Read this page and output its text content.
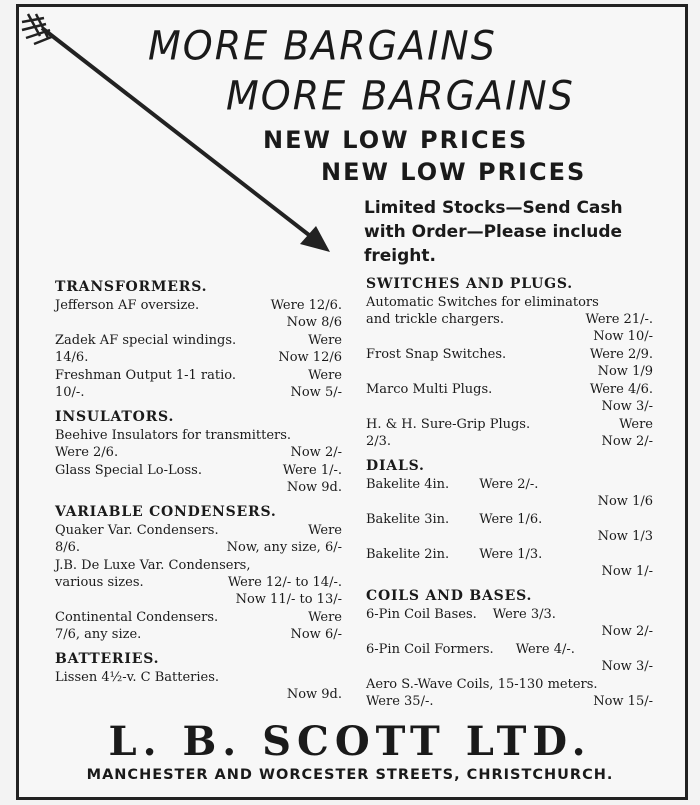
MORE BARGAINS
MORE BARGAINS
NEW LOW PRICES
NEW LOW PRICES
Limited Stocks—Send Cash
with Order—Please include
freight.
TRANSFORMERS.
Jefferson AF oversize.	Were 12/6.
Now 8/6
Zadek AF special windings.	Were
14/6.	Now 12/6
Freshman Output 1-1 ratio.	Were
10/-.	Now 5/-
INSULATORS.
Beehive Insulators for transmitters.
Were 2/6.	Now 2/-
Glass Special Lo-Loss.	Were 1/-.
Now 9d.
VARIABLE CONDENSERS.
Quaker Var. Condensers.	Were
8/6.	Now, any size, 6/-
J.B. De Luxe Var. Condensers,
various sizes.	Were 12/- to 14/-.
Now 11/- to 13/-
Continental Condensers.	Were
7/6, any size.	Now 6/-
BATTERIES.
Lissen 4½-v. C Batteries.
Now 9d.
SWITCHES AND PLUGS.
Automatic Switches for eliminators
and trickle chargers.	Were 21/-.
Now 10/-
Frost Snap Switches.	Were 2/9.
Now 1/9
Marco Multi Plugs.	Were 4/6.
Now 3/-
H. & H. Sure-Grip Plugs.	Were
2/3.	Now 2/-
DIALS.
Bakelite 4in. Were 2/-.
Now 1/6
Bakelite 3in. Were 1/6.
Now 1/3
Bakelite 2in. Were 1/3.
Now 1/-
COILS AND BASES.
6-Pin Coil Bases. Were 3/3.
Now 2/-
6-Pin Coil Formers. Were 4/-.
Now 3/-
Aero S.-Wave Coils, 15-130 meters.
Were 35/-.	Now 15/-
L. B. SCOTT LTD.
MANCHESTER AND WORCESTER STREETS, CHRISTCHURCH.
